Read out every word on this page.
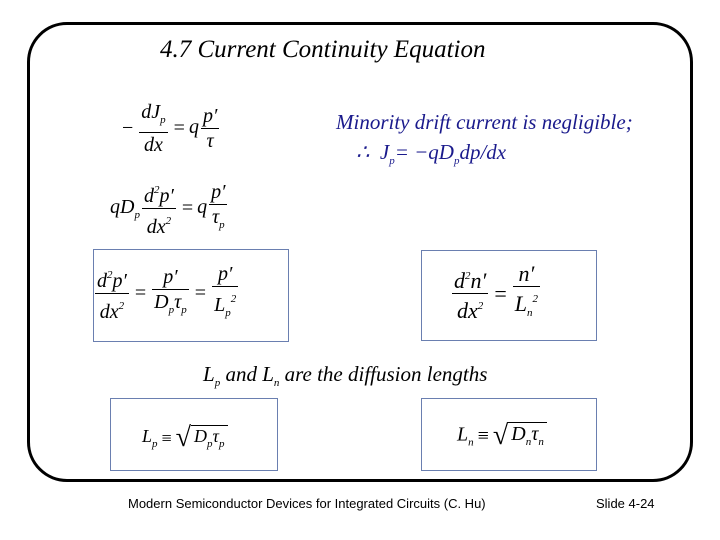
4.7 Current Continuity Equation
− $\frac{dJ_p}{dx} = q \frac{p'}{\tau}$	Minority drift current is negligible;
∴ $J_p= -qD_pdp/dx$
$qD_p \frac{d^2p'}{dx^2} = q \frac{p'}{\tau_p}$
$\frac{d^2p'}{dx^2} = \frac{p'}{D_p\tau_p} = \frac{p'}{L_p^2}$	$\frac{d^2n'}{dx^2} = \frac{n'}{L_n^2}$
$L_p$ and $L_n$ are the diffusion lengths
$L_p$ ≡ √ $D_p\tau_p$	$L_n$ ≡ √ $D_n\tau_n$
Modern Semiconductor Devices for Integrated Circuits (C. Hu)	Slide 4-24
